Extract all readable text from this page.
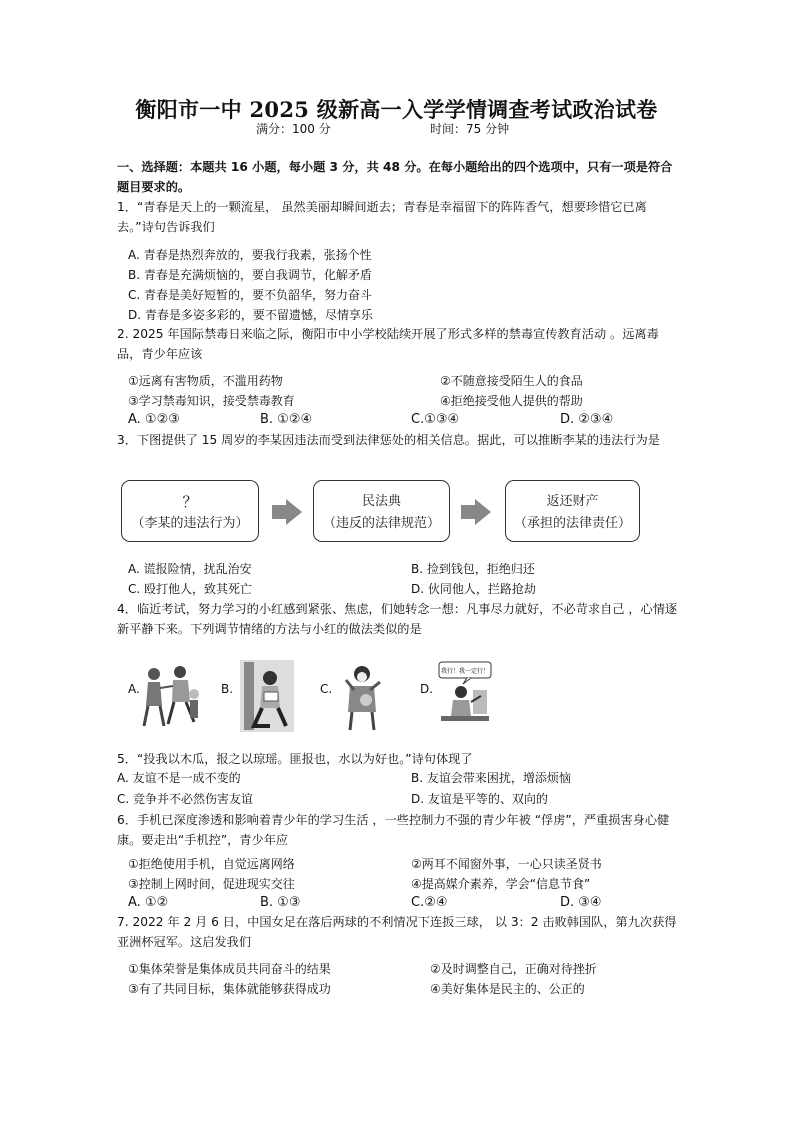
衡阳市一中 2025 级新高一入学学情调查考试政治试卷
满分：100 分	时间：75 分钟
一、选择题：本题共 16 小题，每小题 3 分，共 48 分。在每小题给出的四个选项中，只有一项是符合题目要求的。
1．“青春是天上的一颗流星， 虽然美丽却瞬间逝去；青春是幸福留下的阵阵香气，想要珍惜它已离去。”诗句告诉我们
A. 青春是热烈奔放的，要我行我素，张扬个性
B. 青春是充满烦恼的，要自我调节，化解矛盾
C. 青春是美好短暂的，要不负韶华，努力奋斗
D. 青春是多姿多彩的，要不留遗憾，尽情享乐
2. 2025 年国际禁毒日来临之际，衡阳市中小学校陆续开展了形式多样的禁毒宣传教育活动 。远离毒品，青少年应该
①远离有害物质，不滥用药物	②不随意接受陌生人的食品
③学习禁毒知识，接受禁毒教育	④拒绝接受他人提供的帮助
A. ①②③	B. ①②④	C.①③④	D. ②③④
3．下图提供了 15 周岁的李某因违法而受到法律惩处的相关信息。据此，可以推断李某的违法行为是
？
（李某的违法行为）
民法典
（违反的法律规范）
返还财产
（承担的法律责任）
A. 谎报险情，扰乱治安	B. 捡到钱包，拒绝归还
C. 殴打他人，致其死亡	D. 伙同他人，拦路抢劫
4．临近考试，努力学习的小红感到紧张、焦虑，们她转念一想：凡事尽力就好，不必苛求自己 ，心情逐新平静下来。下列调节情绪的方法与小红的做法类似的是
A.	B.	C.	D.
我行！我一定行！
5．“投我以木瓜，报之以琼瑶。匪报也，水以为好也。”诗句体现了
A. 友谊不是一成不变的	B. 友谊会带来困扰，增添烦恼
C. 竞争并不必然伤害友谊	D. 友谊是平等的、双向的
6．手机已深度渗透和影响着青少年的学习生活 ，一些控制力不强的青少年被 “俘虏”，严重损害身心健康。要走出“手机控”，青少年应
①拒绝使用手机，自觉远离网络	②两耳不闻窗外事，一心只读圣贤书
③控制上网时间，促进现实交往	④提高媒介素养，学会“信息节食”
A. ①②	B. ①③	C.②④	D. ③④
7. 2022 年 2 月 6 日，中国女足在落后两球的不利情况下连扳三球， 以 3：2 击败韩国队，第九次获得亚洲杯冠军。这启发我们
①集体荣誉是集体成员共同奋斗的结果	②及时调整自己，正确对待挫折
③有了共同目标，集体就能够获得成功	④美好集体是民主的、公正的
